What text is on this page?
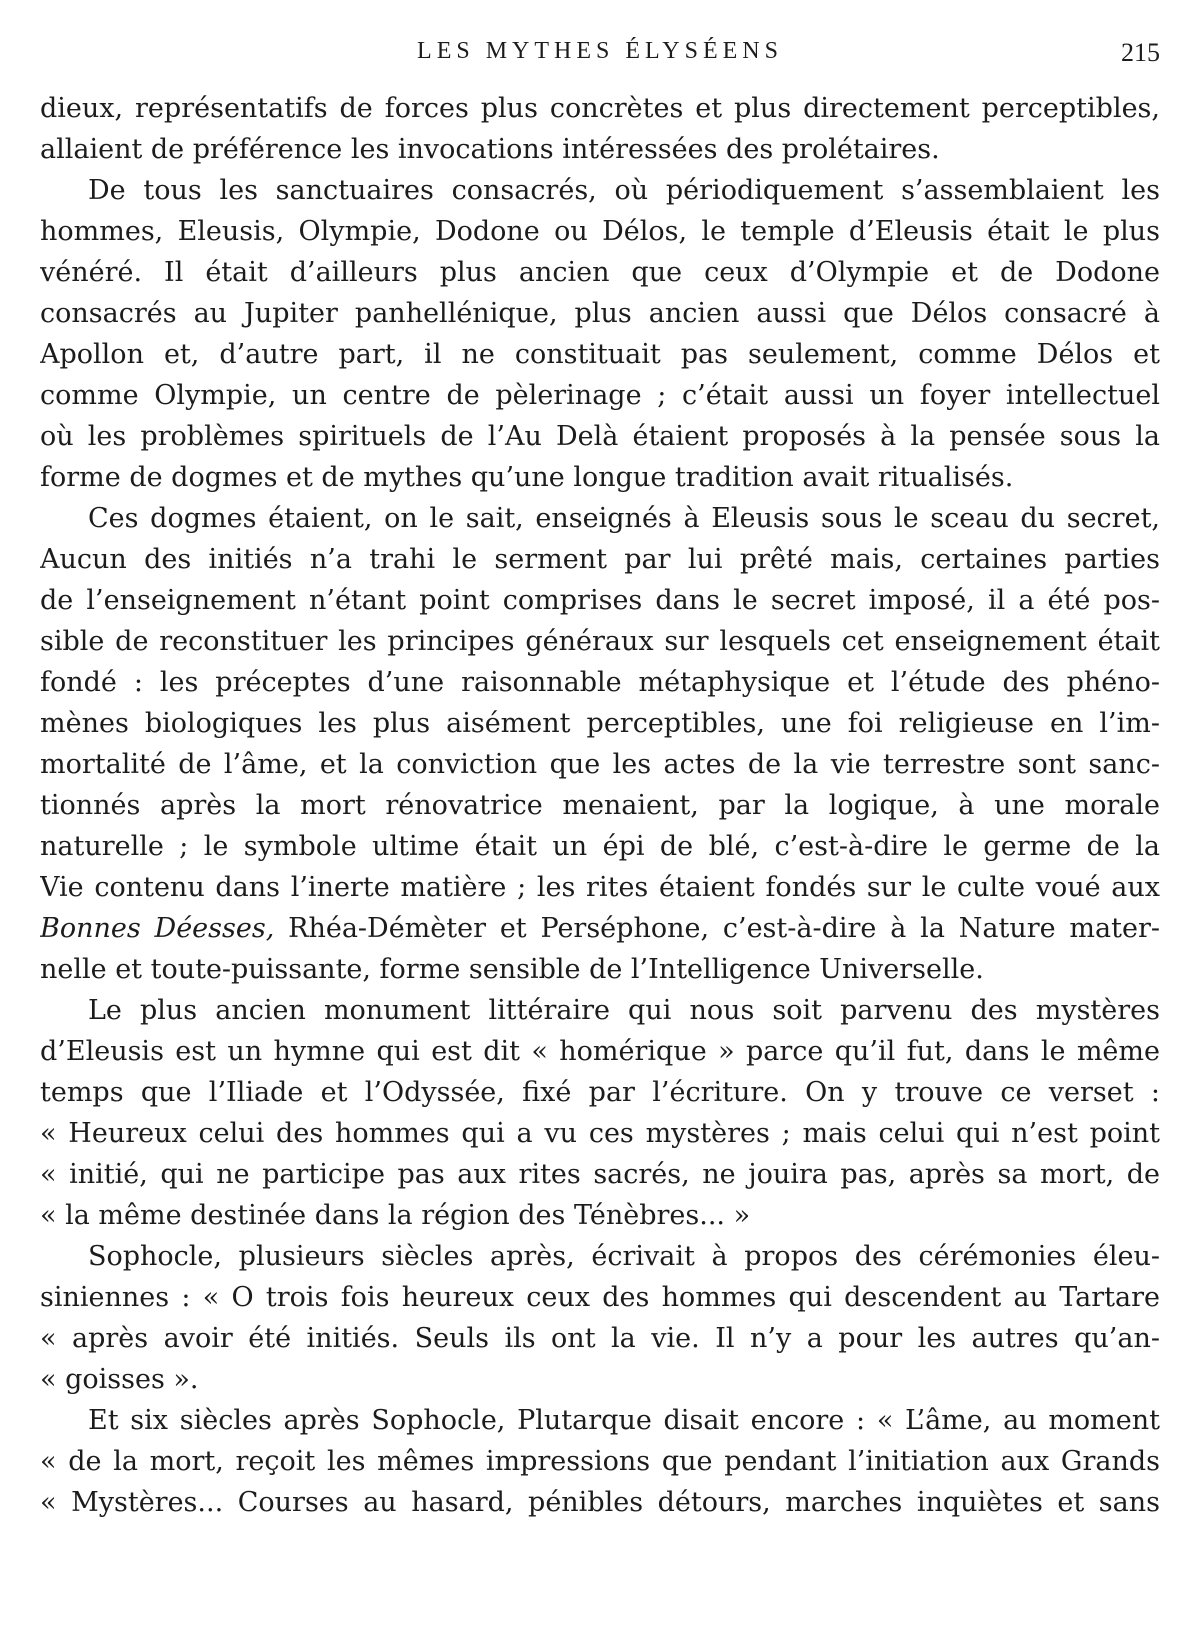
LES MYTHES ÉLYSÉENS	215
dieux, représentatifs de forces plus concrètes et plus directement perceptibles,
allaient de préférence les invocations intéressées des prolétaires.
De tous les sanctuaires consacrés, où périodiquement s’assemblaient les
hommes, Eleusis, Olympie, Dodone ou Délos, le temple d’Eleusis était le plus
vénéré. Il était d’ailleurs plus ancien que ceux d’Olympie et de Dodone
consacrés au Jupiter panhellénique, plus ancien aussi que Délos consacré à
Apollon et, d’autre part, il ne constituait pas seulement, comme Délos et
comme Olympie, un centre de pèlerinage ; c’était aussi un foyer intellectuel
où les problèmes spirituels de l’Au Delà étaient proposés à la pensée sous la
forme de dogmes et de mythes qu’une longue tradition avait ritualisés.
Ces dogmes étaient, on le sait, enseignés à Eleusis sous le sceau du secret,
Aucun des initiés n’a trahi le serment par lui prêté mais, certaines parties
de l’enseignement n’étant point comprises dans le secret imposé, il a été pos-
sible de reconstituer les principes généraux sur lesquels cet enseignement était
fondé : les préceptes d’une raisonnable métaphysique et l’étude des phéno-
mènes biologiques les plus aisément perceptibles, une foi religieuse en l’im-
mortalité de l’âme, et la conviction que les actes de la vie terrestre sont sanc-
tionnés après la mort rénovatrice menaient, par la logique, à une morale
naturelle ; le symbole ultime était un épi de blé, c’est-à-dire le germe de la
Vie contenu dans l’inerte matière ; les rites étaient fondés sur le culte voué aux
Bonnes Déesses, Rhéa-Démèter et Perséphone, c’est-à-dire à la Nature mater-
nelle et toute-puissante, forme sensible de l’Intelligence Universelle.
Le plus ancien monument littéraire qui nous soit parvenu des mystères
d’Eleusis est un hymne qui est dit « homérique » parce qu’il fut, dans le même
temps que l’Iliade et l’Odyssée, fixé par l’écriture. On y trouve ce verset :
« Heureux celui des hommes qui a vu ces mystères ; mais celui qui n’est point
« initié, qui ne participe pas aux rites sacrés, ne jouira pas, après sa mort, de
« la même destinée dans la région des Ténèbres... »
Sophocle, plusieurs siècles après, écrivait à propos des cérémonies éleu-
siniennes : « O trois fois heureux ceux des hommes qui descendent au Tartare
« après avoir été initiés. Seuls ils ont la vie. Il n’y a pour les autres qu’an-
« goisses ».
Et six siècles après Sophocle, Plutarque disait encore : « L’âme, au moment
« de la mort, reçoit les mêmes impressions que pendant l’initiation aux Grands
« Mystères... Courses au hasard, pénibles détours, marches inquiètes et sans
